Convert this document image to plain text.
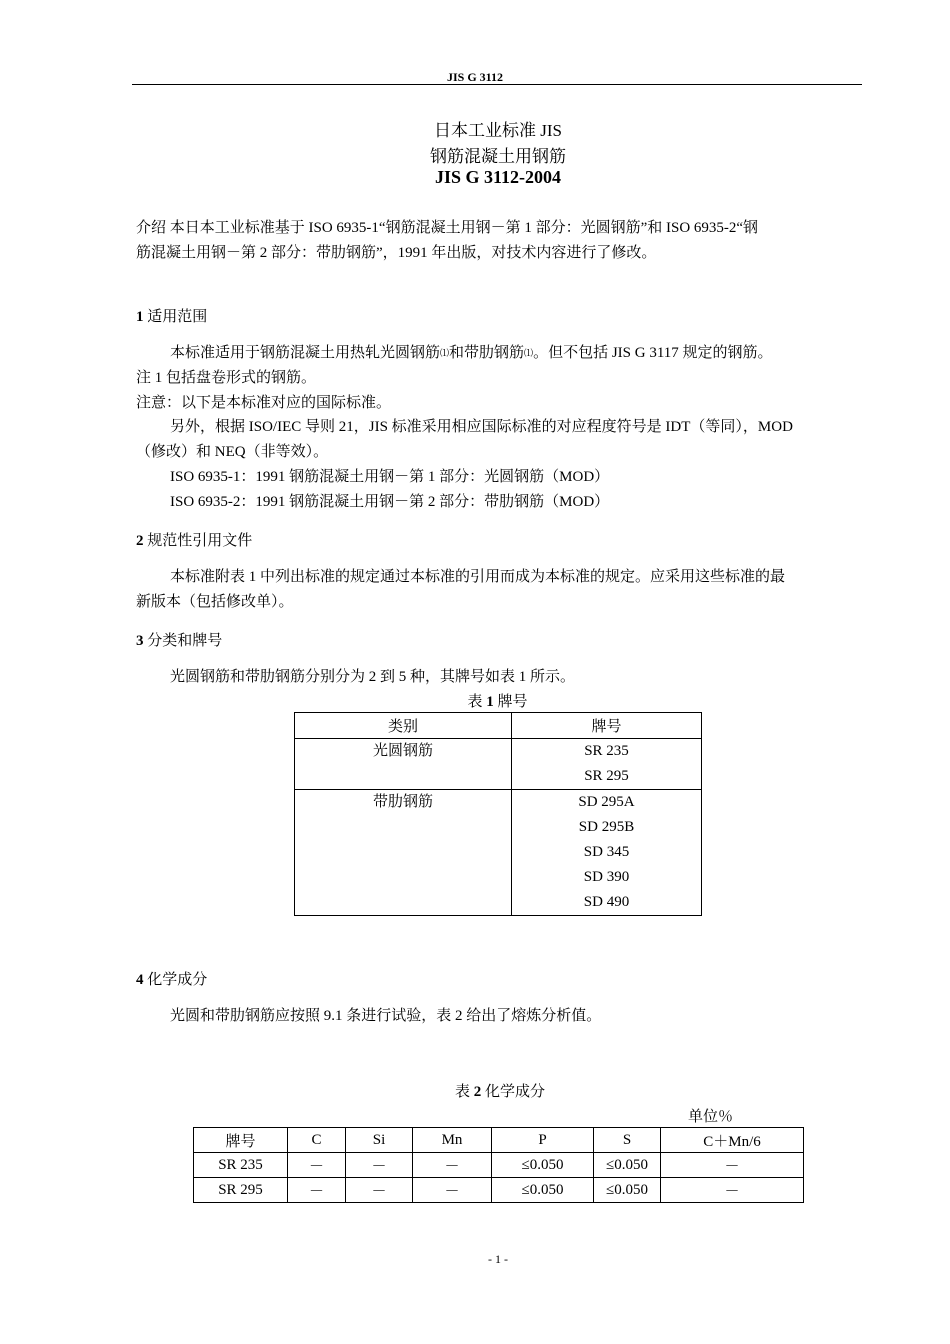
JIS G 3112
日本工业标准 JIS
钢筋混凝土用钢筋
JIS G 3112-2004
介绍 本日本工业标准基于 ISO 6935-1“钢筋混凝土用钢－第 1 部分：光圆钢筋”和 ISO 6935-2“钢
筋混凝土用钢－第 2 部分：带肋钢筋”，1991 年出版，对技术内容进行了修改。
1 适用范围
本标准适用于钢筋混凝土用热轧光圆钢筋⑴和带肋钢筋⑴。但不包括 JIS G 3117 规定的钢筋。
注 1 包括盘卷形式的钢筋。
注意：以下是本标准对应的国际标准。
另外，根据 ISO/IEC 导则 21，JIS 标准采用相应国际标准的对应程度符号是 IDT（等同），MOD
（修改）和 NEQ（非等效）。
ISO 6935-1：1991 钢筋混凝土用钢－第 1 部分：光圆钢筋（MOD）
ISO 6935-2：1991 钢筋混凝土用钢－第 2 部分：带肋钢筋（MOD）
2 规范性引用文件
本标准附表 1 中列出标准的规定通过本标准的引用而成为本标准的规定。应采用这些标准的最
新版本（包括修改单）。
3 分类和牌号
光圆钢筋和带肋钢筋分别分为 2 到 5 种，其牌号如表 1 所示。
表 1 牌号
类别	牌号

光圆钢筋	SR 235
SR 295

带肋钢筋	SD 295A
SD 295B
SD 345
SD 390
SD 490
4 化学成分
光圆和带肋钢筋应按照 9.1 条进行试验，表 2 给出了熔炼分析值。
表 2 化学成分
单位％
牌号	C	Si	Mn	P	S	C＋Mn/6
SR 235	－	－	－	≤0.050	≤0.050	－
SR 295	－	－	－	≤0.050	≤0.050	－
- 1 -
